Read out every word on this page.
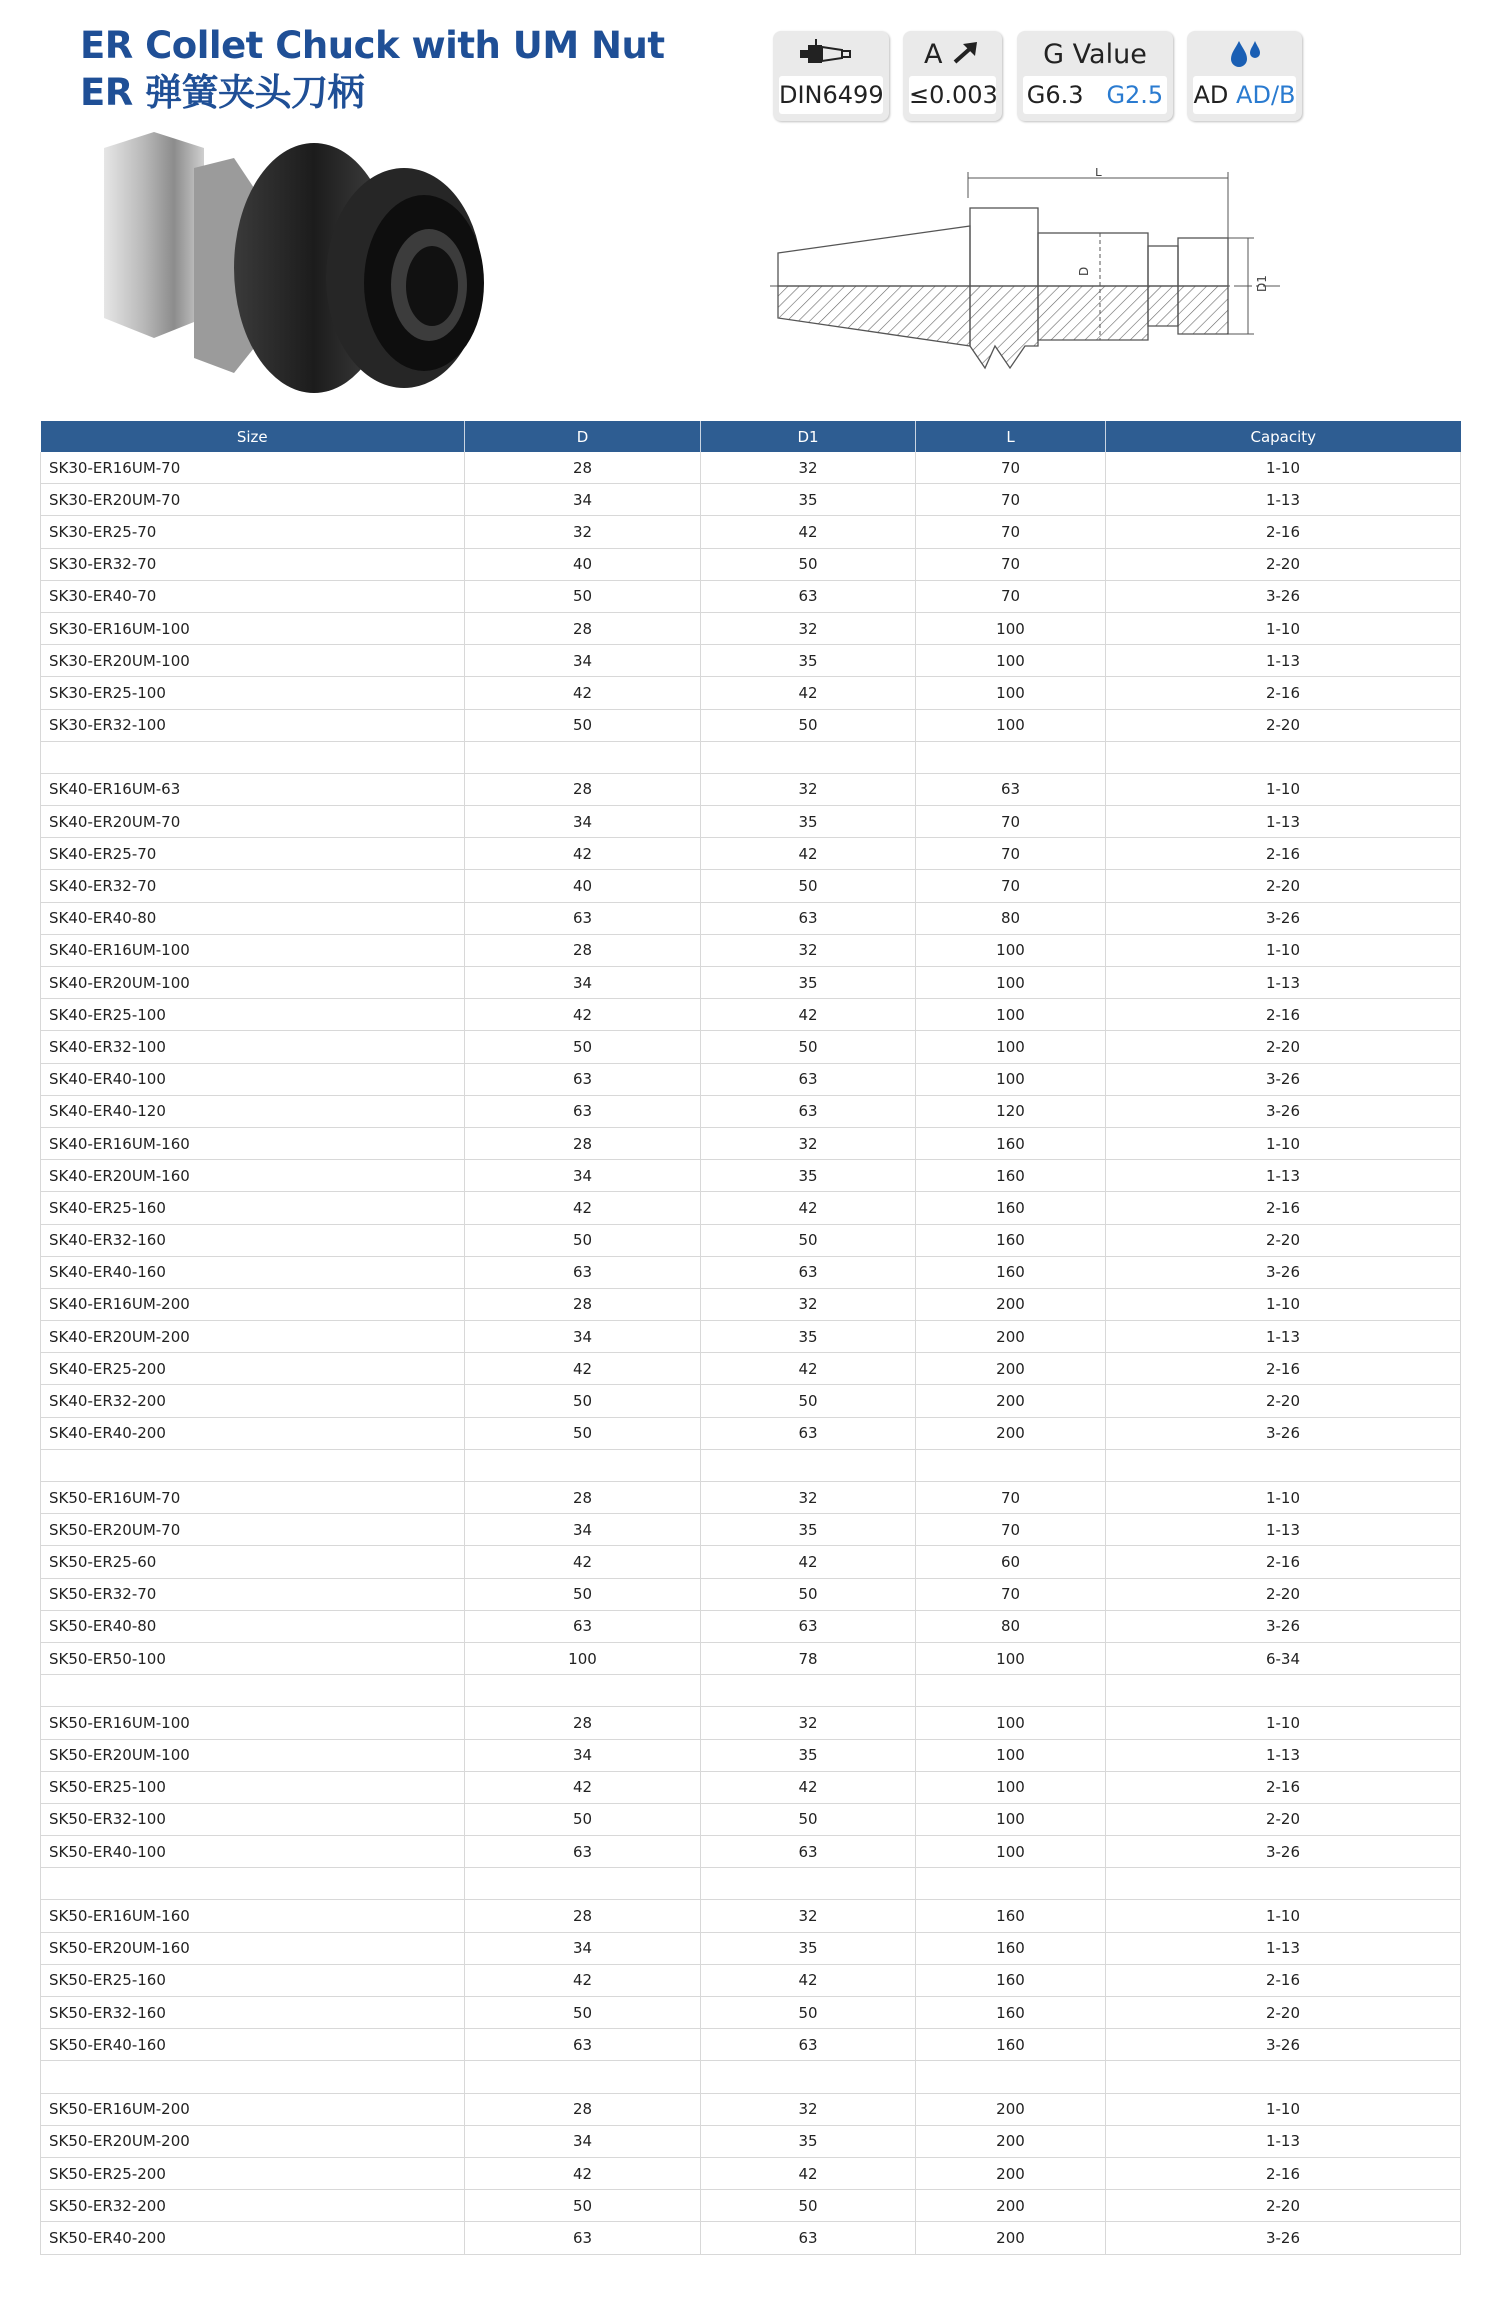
ER Collet Chuck with UM Nut
ER 弹簧夹头刀柄	DIN6499
A
≤0.003
G Value
G6.3 G2.5 AD AD/B
L
D
D1
Size	D	D1	L	Capacity
SK30-ER16UM-70	28	32	70	1-10
SK30-ER20UM-70	34	35	70	1-13
SK30-ER25-70	32	42	70	2-16
SK30-ER32-70	40	50	70	2-20
SK30-ER40-70	50	63	70	3-26
SK30-ER16UM-100	28	32	100	1-10
SK30-ER20UM-100	34	35	100	1-13
SK30-ER25-100	42	42	100	2-16
SK30-ER32-100	50	50	100	2-20

SK40-ER16UM-63	28	32	63	1-10
SK40-ER20UM-70	34	35	70	1-13
SK40-ER25-70	42	42	70	2-16
SK40-ER32-70	40	50	70	2-20
SK40-ER40-80	63	63	80	3-26
SK40-ER16UM-100	28	32	100	1-10
SK40-ER20UM-100	34	35	100	1-13
SK40-ER25-100	42	42	100	2-16
SK40-ER32-100	50	50	100	2-20
SK40-ER40-100	63	63	100	3-26
SK40-ER40-120	63	63	120	3-26
SK40-ER16UM-160	28	32	160	1-10
SK40-ER20UM-160	34	35	160	1-13
SK40-ER25-160	42	42	160	2-16
SK40-ER32-160	50	50	160	2-20
SK40-ER40-160	63	63	160	3-26
SK40-ER16UM-200	28	32	200	1-10
SK40-ER20UM-200	34	35	200	1-13
SK40-ER25-200	42	42	200	2-16
SK40-ER32-200	50	50	200	2-20
SK40-ER40-200	50	63	200	3-26

SK50-ER16UM-70	28	32	70	1-10
SK50-ER20UM-70	34	35	70	1-13
SK50-ER25-60	42	42	60	2-16
SK50-ER32-70	50	50	70	2-20
SK50-ER40-80	63	63	80	3-26
SK50-ER50-100	100	78	100	6-34

SK50-ER16UM-100	28	32	100	1-10
SK50-ER20UM-100	34	35	100	1-13
SK50-ER25-100	42	42	100	2-16
SK50-ER32-100	50	50	100	2-20
SK50-ER40-100	63	63	100	3-26

SK50-ER16UM-160	28	32	160	1-10
SK50-ER20UM-160	34	35	160	1-13
SK50-ER25-160	42	42	160	2-16
SK50-ER32-160	50	50	160	2-20
SK50-ER40-160	63	63	160	3-26

SK50-ER16UM-200	28	32	200	1-10
SK50-ER20UM-200	34	35	200	1-13
SK50-ER25-200	42	42	200	2-16
SK50-ER32-200	50	50	200	2-20
SK50-ER40-200	63	63	200	3-26
